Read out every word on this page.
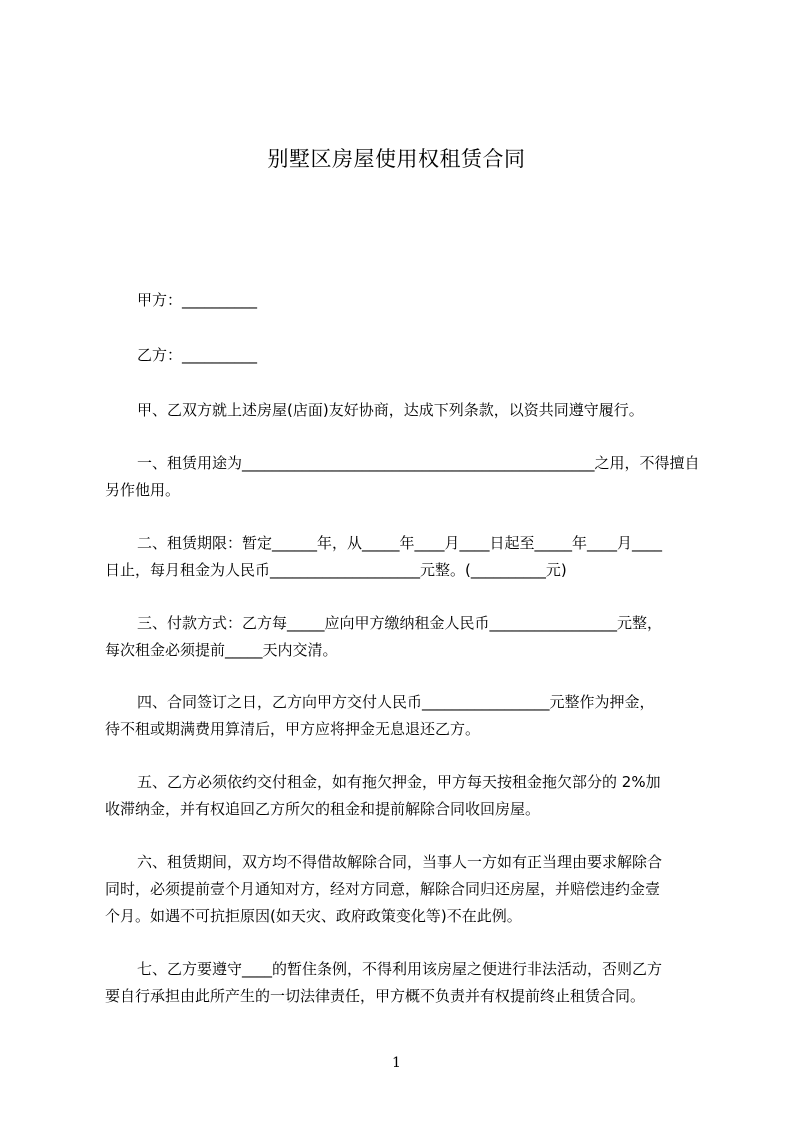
别墅区房屋使用权租赁合同
甲方：__________
乙方：__________
甲、乙双方就上述房屋(店面)友好协商，达成下列条款，以资共同遵守履行。
一、租赁用途为_______________________________________________之用，不得擅自
另作他用。
二、租赁期限：暂定______年，从_____年____月____日起至_____年____月____
日止，每月租金为人民币____________________元整。(__________元)
三、付款方式：乙方每_____应向甲方缴纳租金人民币_________________元整，
每次租金必须提前_____天内交清。
四、合同签订之日，乙方向甲方交付人民币_________________元整作为押金，
待不租或期满费用算清后，甲方应将押金无息退还乙方。
五、乙方必须依约交付租金，如有拖欠押金，甲方每天按租金拖欠部分的 2%加
收滞纳金，并有权追回乙方所欠的租金和提前解除合同收回房屋。
六、租赁期间，双方均不得借故解除合同，当事人一方如有正当理由要求解除合
同时，必须提前壹个月通知对方，经对方同意，解除合同归还房屋，并赔偿违约金壹
个月。如遇不可抗拒原因(如天灾、政府政策变化等)不在此例。
七、乙方要遵守____的暂住条例，不得利用该房屋之便进行非法活动，否则乙方
要自行承担由此所产生的一切法律责任，甲方概不负责并有权提前终止租赁合同。
1
